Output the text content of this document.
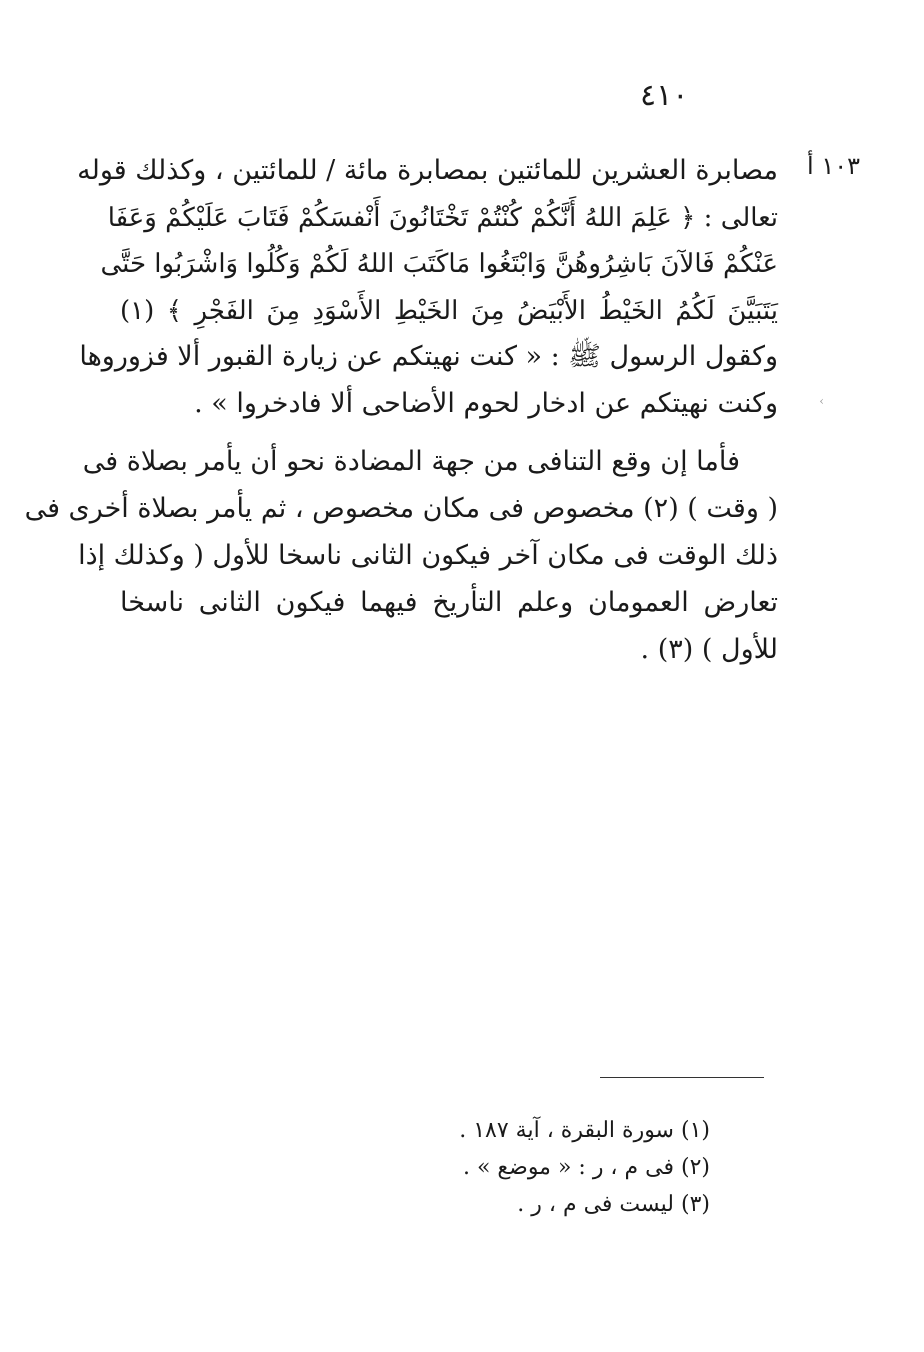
٤١٠
١٠٣ أ
مصابرة العشرين للمائتين بمصابرة مائة / للمائتين ، وكذلك قوله
تعالى : ﴿ عَلِمَ اللهُ أَنَّكُمْ كُنْتُمْ تَخْتَانُونَ أَنْفسَكُمْ فَتَابَ عَلَيْكُمْ وَعَفَا
عَنْكُمْ فَالآنَ بَاشِرُوهُنَّ وَابْتَغُوا مَاكَتَبَ اللهُ لَكُمْ وَكُلُوا وَاشْرَبُوا حَتَّى
يَتَبَيَّنَ لَكُمُ الخَيْطُ الأَبْيَضُ مِنَ الخَيْطِ الأَسْوَدِ مِنَ الفَجْرِ ﴾ (١)
وكقول الرسول ﷺ : « كنت نهيتكم عن زيارة القبور ألا فزوروها
وكنت نهيتكم عن ادخار لحوم الأضاحى ألا فادخروا » .	›
فأما إن وقع التنافى من جهة المضادة نحو أن يأمر بصلاة فى
( وقت ) (٢) مخصوص فى مكان مخصوص ، ثم يأمر بصلاة أخرى فى
ذلك الوقت فى مكان آخر فيكون الثانى ناسخا للأول ( وكذلك إذا
تعارض العمومان وعلم التأريخ فيهما فيكون الثانى ناسخا
للأول ) (٣) .
(١) سورة البقرة ، آية ١٨٧ .
(٢) فى م ، ر : « موضع » .
(٣) ليست فى م ، ر .
